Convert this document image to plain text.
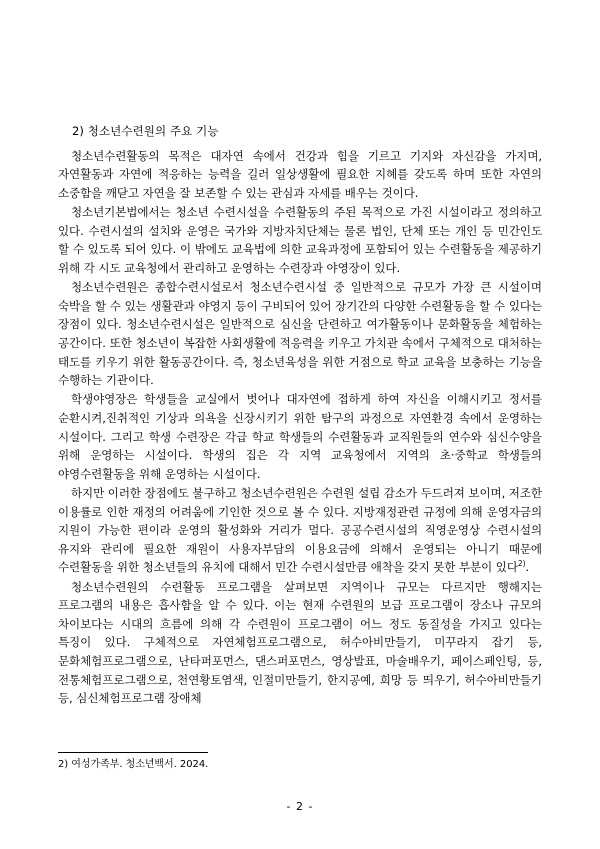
2) 청소년수련원의 주요 기능

청소년수련활동의 목적은 대자연 속에서 건강과 힘을 기르고 기지와 자신감을 가지며, 자연활동과 자연에 적응하는 능력을 길러 일상생활에 필요한 지혜를 갖도록 하며 또한 자연의 소중함을 깨닫고 자연을 잘 보존할 수 있는 관심과 자세를 배우는 것이다.

청소년기본법에서는 청소년 수련시설을 수련활동의 주된 목적으로 가진 시설이라고 정의하고 있다. 수련시설의 설치와 운영은 국가와 지방자치단체는 물론 법인, 단체 또는 개인 등 민간인도 할 수 있도록 되어 있다. 이 밖에도 교육법에 의한 교육과정에 포함되어 있는 수련활동을 제공하기 위해 각 시도 교육청에서 관리하고 운영하는 수련장과 야영장이 있다.

청소년수련원은 종합수련시설로서 청소년수련시설 중 일반적으로 규모가 가장 큰 시설이며 숙박을 할 수 있는 생활관과 야영지 등이 구비되어 있어 장기간의 다양한 수련활동을 할 수 있다는 장점이 있다. 청소년수련시설은 일반적으로 심신을 단련하고 여가활동이나 문화활동을 체험하는 공간이다. 또한 청소년이 복잡한 사회생활에 적응력을 키우고 가치관 속에서 구체적으로 대처하는 태도를 키우기 위한 활동공간이다. 즉, 청소년육성을 위한 거점으로 학교 교육을 보충하는 기능을 수행하는 기관이다.

학생야영장은 학생들을 교실에서 벗어나 대자연에 접하게 하여 자신을 이해시키고 정서를 순환시켜,진취적인 기상과 의욕을 신장시키기 위한 탐구의 과정으로 자연환경 속에서 운영하는 시설이다. 그리고 학생 수련장은 각급 학교 학생들의 수련활동과 교직원들의 연수와 심신수양을 위해 운영하는 시설이다. 학생의 집은 각 지역 교육청에서 지역의 초·중학교 학생들의 야영수련활동을 위해 운영하는 시설이다.

하지만 이러한 장점에도 불구하고 청소년수련원은 수련원 설립 감소가 두드러져 보이며, 저조한 이용률로 인한 재정의 어려움에 기인한 것으로 볼 수 있다. 지방재정관련 규정에 의해 운영자금의 지원이 가능한 편이라 운영의 활성화와 거리가 멀다. 공공수련시설의 직영운영상 수련시설의 유지와 관리에 필요한 재원이 사용자부담의 이용요금에 의해서 운영되는 아니기 때문에 수련활동을 위한 청소년들의 유치에 대해서 민간 수련시설만큼 애착을 갖지 못한 부분이 있다$^{2)}$.

청소년수련원의 수련활동 프로그램을 살펴보면 지역이나 규모는 다르지만 행해지는 프로그램의 내용은 흡사함을 알 수 있다. 이는 현재 수련원의 보급 프로그램이 장소나 규모의 차이보다는 시대의 흐름에 의해 각 수련원이 프로그램이 어느 정도 동질성을 가지고 있다는 특징이 있다. 구체적으로 자연체험프로그램으로, 허수아비만들기, 미꾸라지 잡기 등, 문화체험프로그램으로, 난타퍼포먼스, 댄스퍼포먼스, 영상발표, 마술배우기, 페이스페인팅, 등, 전통체험프로그램으로, 천연황토염색, 인절미만들기, 한지공예, 희망 등 띄우기, 허수아비만들기 등, 심신체험프로그램 장애체

2) 여성가족부. 청소년백서. 2024.
- 2 -
